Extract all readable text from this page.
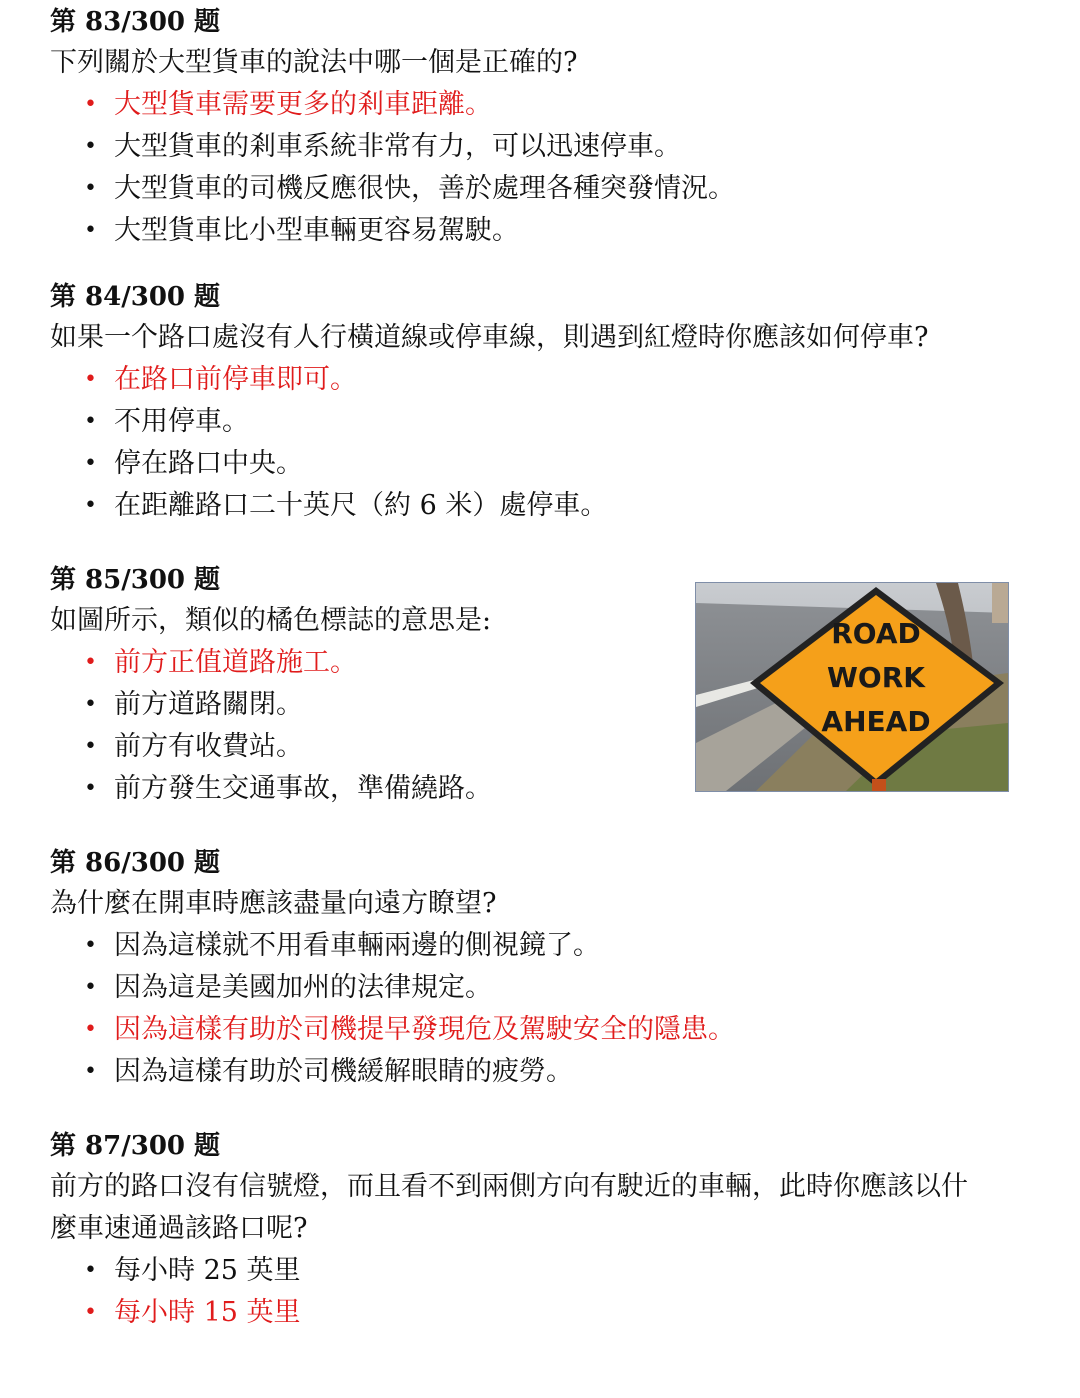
第 83/300 题
下列關於大型貨車的說法中哪一個是正確的?
• 大型貨車需要更多的剎車距離。
• 大型貨車的剎車系統非常有力，可以迅速停車。
• 大型貨車的司機反應很快，善於處理各種突發情況。
• 大型貨車比小型車輛更容易駕駛。
第 84/300 题
如果一个路口處沒有人行橫道線或停車線，則遇到紅燈時你應該如何停車?
• 在路口前停車即可。
• 不用停車。
• 停在路口中央。
• 在距離路口二十英尺（約 6 米）處停車。
第 85/300 题
如圖所示，類似的橘色標誌的意思是:
• 前方正值道路施工。
• 前方道路關閉。
• 前方有收費站。
• 前方發生交通事故，準備繞路。
ROAD
WORK
AHEAD
第 86/300 题
為什麼在開車時應該盡量向遠方瞭望?
• 因為這樣就不用看車輛兩邊的側視鏡了。
• 因為這是美國加州的法律規定。
• 因為這樣有助於司機提早發現危及駕駛安全的隱患。
• 因為這樣有助於司機緩解眼睛的疲勞。
第 87/300 题
前方的路口沒有信號燈，而且看不到兩側方向有駛近的車輛，此時你應該以什
麼車速通過該路口呢?
• 每小時 25 英里
• 每小時 15 英里
